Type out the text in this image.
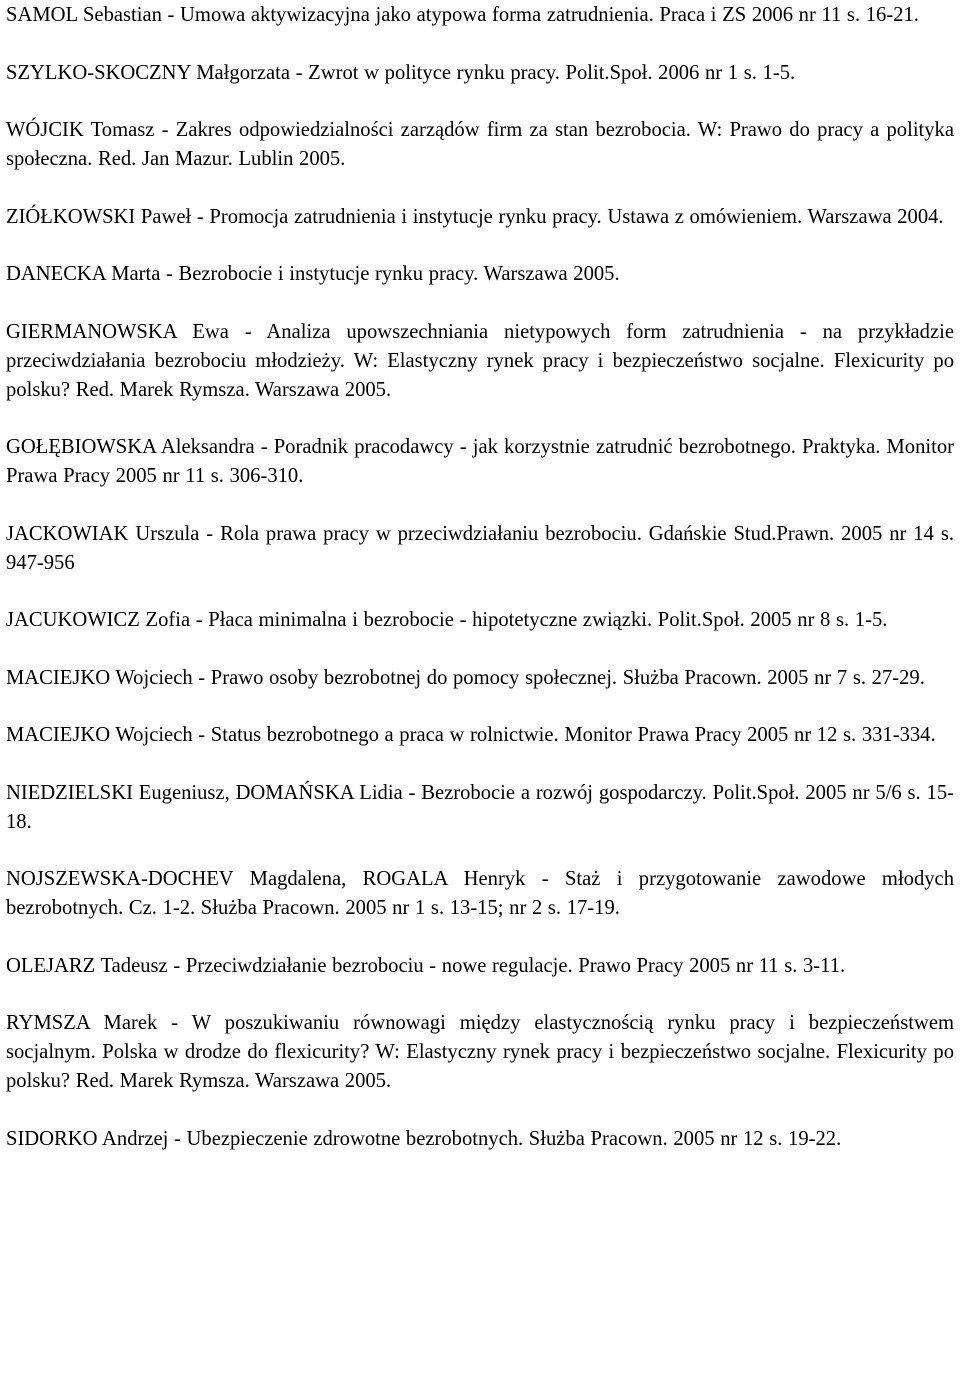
SAMOL Sebastian - Umowa aktywizacyjna jako atypowa forma zatrudnienia. Praca i ZS 2006 nr 11 s. 16-21.

SZYLKO-SKOCZNY Małgorzata - Zwrot w polityce rynku pracy. Polit.Społ. 2006 nr 1 s. 1-5.

WÓJCIK Tomasz - Zakres odpowiedzialności zarządów firm za stan bezrobocia. W: Prawo do pracy a polityka społeczna. Red. Jan Mazur. Lublin 2005.

ZIÓŁKOWSKI Paweł - Promocja zatrudnienia i instytucje rynku pracy. Ustawa z omówieniem. Warszawa 2004.

DANECKA Marta - Bezrobocie i instytucje rynku pracy. Warszawa 2005.

GIERMANOWSKA Ewa - Analiza upowszechniania nietypowych form zatrudnienia - na przykładzie przeciwdziałania bezrobociu młodzieży. W: Elastyczny rynek pracy i bezpieczeństwo socjalne. Flexicurity po polsku? Red. Marek Rymsza. Warszawa 2005.

GOŁĘBIOWSKA Aleksandra - Poradnik pracodawcy - jak korzystnie zatrudnić bezrobotnego. Praktyka. Monitor Prawa Pracy 2005 nr 11 s. 306-310.

JACKOWIAK Urszula - Rola prawa pracy w przeciwdziałaniu bezrobociu. Gdańskie Stud.Prawn. 2005 nr 14 s. 947-956

JACUKOWICZ Zofia - Płaca minimalna i bezrobocie - hipotetyczne związki. Polit.Społ. 2005 nr 8 s. 1-5.

MACIEJKO Wojciech - Prawo osoby bezrobotnej do pomocy społecznej. Służba Pracown. 2005 nr 7 s. 27-29.

MACIEJKO Wojciech - Status bezrobotnego a praca w rolnictwie. Monitor Prawa Pracy 2005 nr 12 s. 331-334.

NIEDZIELSKI Eugeniusz, DOMAŃSKA Lidia - Bezrobocie a rozwój gospodarczy. Polit.Społ. 2005 nr 5/6 s. 15-18.

NOJSZEWSKA-DOCHEV Magdalena, ROGALA Henryk - Staż i przygotowanie zawodowe młodych bezrobotnych. Cz. 1-2. Służba Pracown. 2005 nr 1 s. 13-15; nr 2 s. 17-19.

OLEJARZ Tadeusz - Przeciwdziałanie bezrobociu - nowe regulacje. Prawo Pracy 2005 nr 11 s. 3-11.

RYMSZA Marek - W poszukiwaniu równowagi między elastycznością rynku pracy i bezpieczeństwem socjalnym. Polska w drodze do flexicurity? W: Elastyczny rynek pracy i bezpieczeństwo socjalne. Flexicurity po polsku? Red. Marek Rymsza. Warszawa 2005.

SIDORKO Andrzej - Ubezpieczenie zdrowotne bezrobotnych. Służba Pracown. 2005 nr 12 s. 19-22.
